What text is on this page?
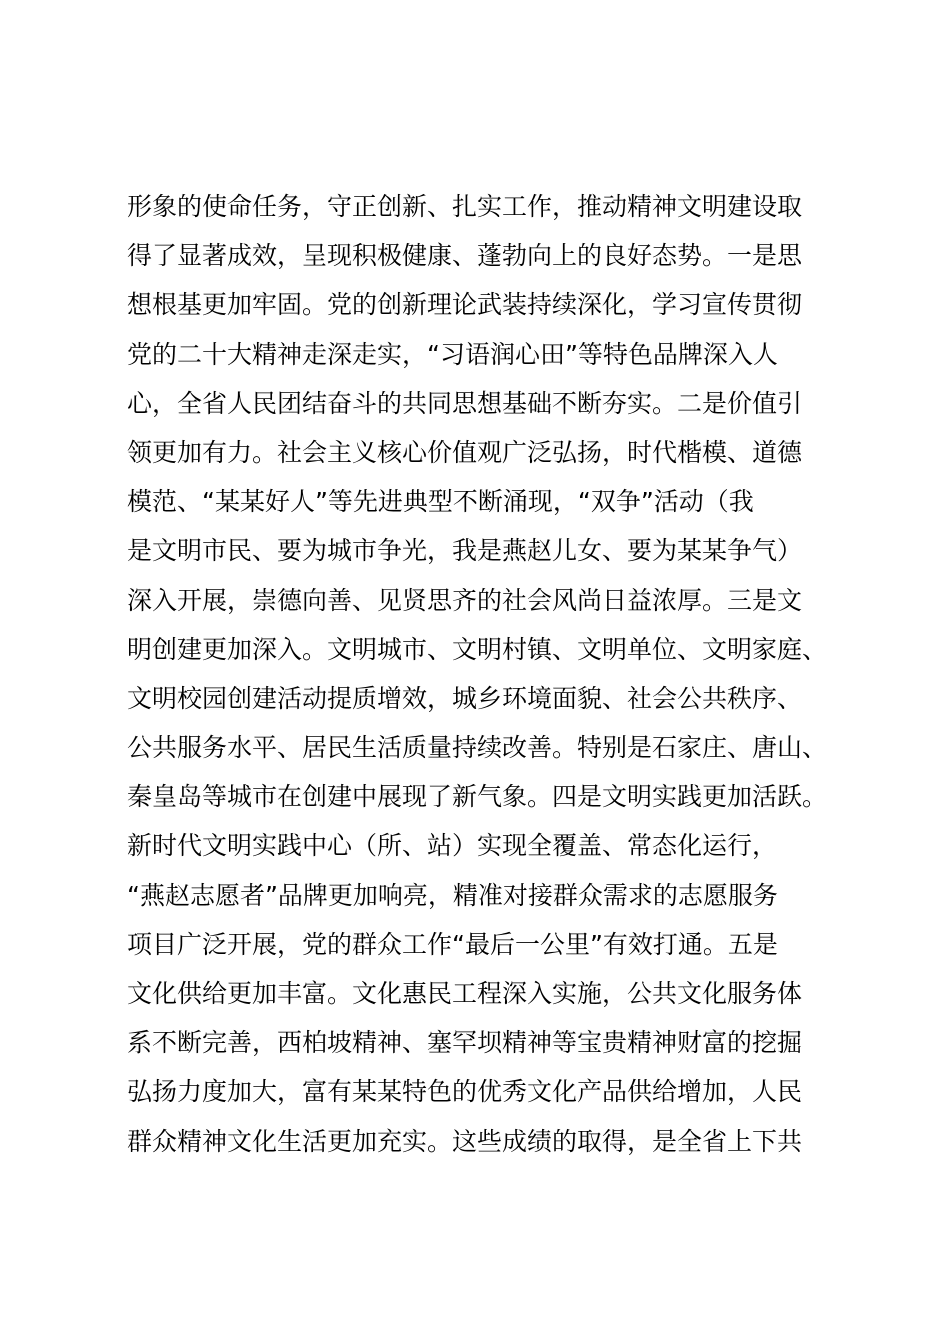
形象的使命任务，守正创新、扎实工作，推动精神文明建设取
得了显著成效，呈现积极健康、蓬勃向上的良好态势。一是思
想根基更加牢固。党的创新理论武装持续深化，学习宣传贯彻
党的二十大精神走深走实，“习语润心田”等特色品牌深入人
心，全省人民团结奋斗的共同思想基础不断夯实。二是价值引
领更加有力。社会主义核心价值观广泛弘扬，时代楷模、道德
模范、“某某好人”等先进典型不断涌现，“双争”活动（我
是文明市民、要为城市争光，我是燕赵儿女、要为某某争气）
深入开展，崇德向善、见贤思齐的社会风尚日益浓厚。三是文
明创建更加深入。文明城市、文明村镇、文明单位、文明家庭、
文明校园创建活动提质增效，城乡环境面貌、社会公共秩序、
公共服务水平、居民生活质量持续改善。特别是石家庄、唐山、
秦皇岛等城市在创建中展现了新气象。四是文明实践更加活跃。
新时代文明实践中心（所、站）实现全覆盖、常态化运行，
“燕赵志愿者”品牌更加响亮，精准对接群众需求的志愿服务
项目广泛开展，党的群众工作“最后一公里”有效打通。五是
文化供给更加丰富。文化惠民工程深入实施，公共文化服务体
系不断完善，西柏坡精神、塞罕坝精神等宝贵精神财富的挖掘
弘扬力度加大，富有某某特色的优秀文化产品供给增加，人民
群众精神文化生活更加充实。这些成绩的取得，是全省上下共
